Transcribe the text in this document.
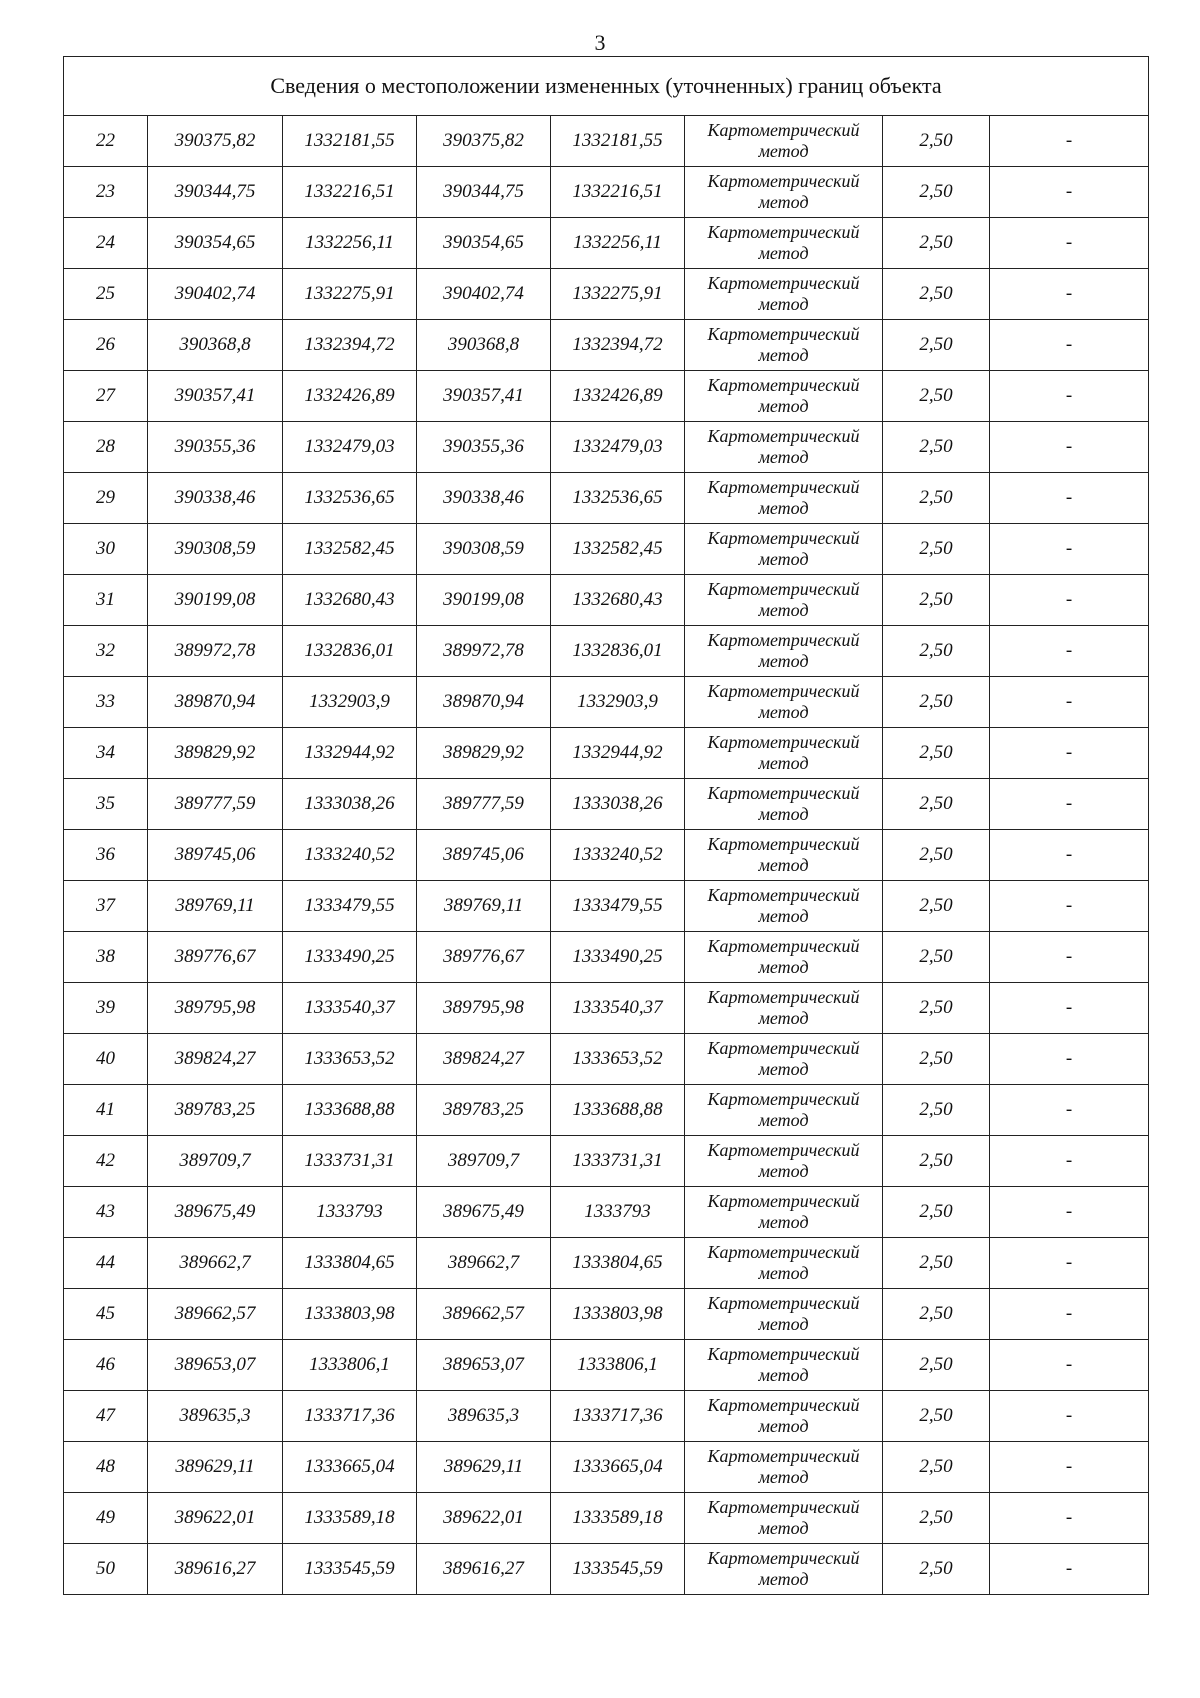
3
Сведения о местоположении измененных (уточненных) границ объекта							
22	390375,82	1332181,55	390375,82	1332181,55	Картометрический
метод	2,50	-
23	390344,75	1332216,51	390344,75	1332216,51	Картометрический
метод	2,50	-
24	390354,65	1332256,11	390354,65	1332256,11	Картометрический
метод	2,50	-
25	390402,74	1332275,91	390402,74	1332275,91	Картометрический
метод	2,50	-
26	390368,8	1332394,72	390368,8	1332394,72	Картометрический
метод	2,50	-
27	390357,41	1332426,89	390357,41	1332426,89	Картометрический
метод	2,50	-
28	390355,36	1332479,03	390355,36	1332479,03	Картометрический
метод	2,50	-
29	390338,46	1332536,65	390338,46	1332536,65	Картометрический
метод	2,50	-
30	390308,59	1332582,45	390308,59	1332582,45	Картометрический
метод	2,50	-
31	390199,08	1332680,43	390199,08	1332680,43	Картометрический
метод	2,50	-
32	389972,78	1332836,01	389972,78	1332836,01	Картометрический
метод	2,50	-
33	389870,94	1332903,9	389870,94	1332903,9	Картометрический
метод	2,50	-
34	389829,92	1332944,92	389829,92	1332944,92	Картометрический
метод	2,50	-
35	389777,59	1333038,26	389777,59	1333038,26	Картометрический
метод	2,50	-
36	389745,06	1333240,52	389745,06	1333240,52	Картометрический
метод	2,50	-
37	389769,11	1333479,55	389769,11	1333479,55	Картометрический
метод	2,50	-
38	389776,67	1333490,25	389776,67	1333490,25	Картометрический
метод	2,50	-
39	389795,98	1333540,37	389795,98	1333540,37	Картометрический
метод	2,50	-
40	389824,27	1333653,52	389824,27	1333653,52	Картометрический
метод	2,50	-
41	389783,25	1333688,88	389783,25	1333688,88	Картометрический
метод	2,50	-
42	389709,7	1333731,31	389709,7	1333731,31	Картометрический
метод	2,50	-
43	389675,49	1333793	389675,49	1333793	Картометрический
метод	2,50	-
44	389662,7	1333804,65	389662,7	1333804,65	Картометрический
метод	2,50	-
45	389662,57	1333803,98	389662,57	1333803,98	Картометрический
метод	2,50	-
46	389653,07	1333806,1	389653,07	1333806,1	Картометрический
метод	2,50	-
47	389635,3	1333717,36	389635,3	1333717,36	Картометрический
метод	2,50	-
48	389629,11	1333665,04	389629,11	1333665,04	Картометрический
метод	2,50	-
49	389622,01	1333589,18	389622,01	1333589,18	Картометрический
метод	2,50	-
50	389616,27	1333545,59	389616,27	1333545,59	Картометрический
метод	2,50	-
